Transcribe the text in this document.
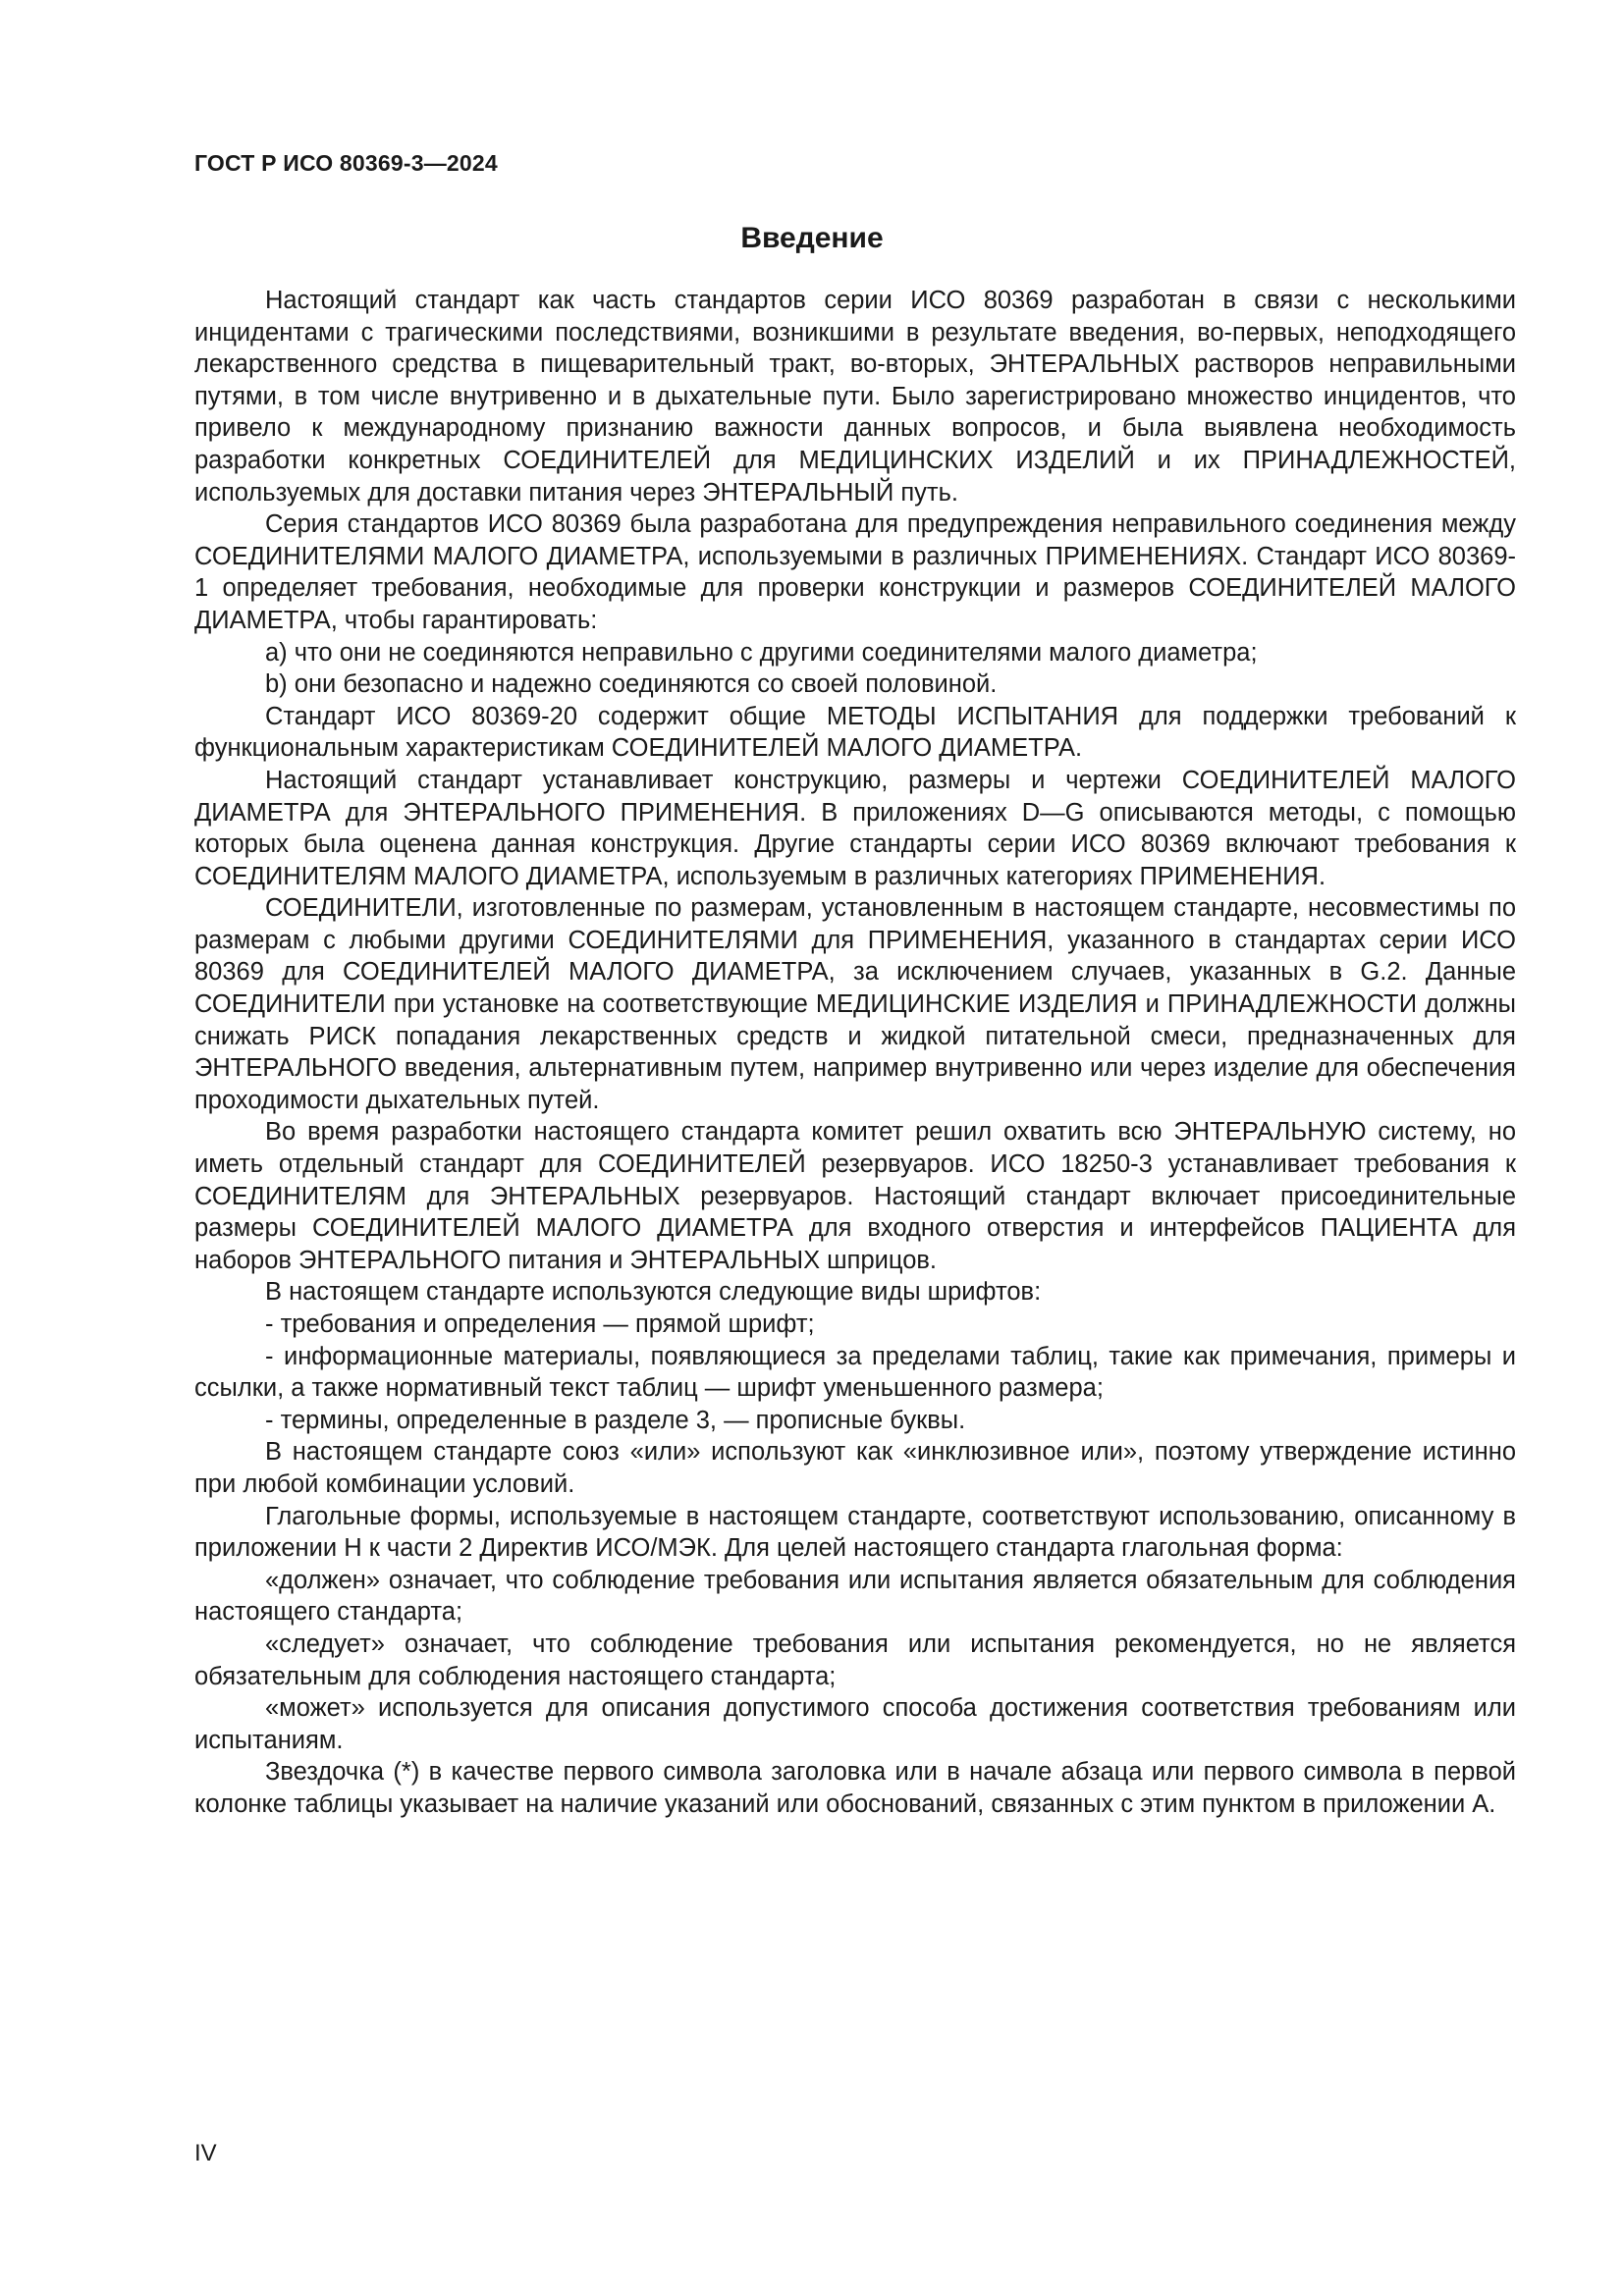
ГОСТ Р ИСО 80369-3—2024
Введение

Настоящий стандарт как часть стандартов серии ИСО 80369 разработан в связи с несколькими инцидентами с трагическими последствиями, возникшими в результате введения, во-первых, неподходящего лекарственного средства в пищеварительный тракт, во-вторых, ЭНТЕРАЛЬНЫХ растворов неправильными путями, в том числе внутривенно и в дыхательные пути. Было зарегистрировано множество инцидентов, что привело к международному признанию важности данных вопросов, и была выявлена необходимость разработки конкретных СОЕДИНИТЕЛЕЙ для МЕДИЦИНСКИХ ИЗДЕЛИЙ и их ПРИНАДЛЕЖНОСТЕЙ, используемых для доставки питания через ЭНТЕРАЛЬНЫЙ путь.

Серия стандартов ИСО 80369 была разработана для предупреждения неправильного соединения между СОЕДИНИТЕЛЯМИ МАЛОГО ДИАМЕТРА, используемыми в различных ПРИМЕНЕНИЯХ. Стандарт ИСО 80369-1 определяет требования, необходимые для проверки конструкции и размеров СОЕДИНИТЕЛЕЙ МАЛОГО ДИАМЕТРА, чтобы гарантировать:

a) что они не соединяются неправильно с другими соединителями малого диаметра;

b) они безопасно и надежно соединяются со своей половиной.

Стандарт ИСО 80369-20 содержит общие МЕТОДЫ ИСПЫТАНИЯ для поддержки требований к функциональным характеристикам СОЕДИНИТЕЛЕЙ МАЛОГО ДИАМЕТРА.

Настоящий стандарт устанавливает конструкцию, размеры и чертежи СОЕДИНИТЕЛЕЙ МАЛОГО ДИАМЕТРА для ЭНТЕРАЛЬНОГО ПРИМЕНЕНИЯ. В приложениях D—G описываются методы, с помощью которых была оценена данная конструкция. Другие стандарты серии ИСО 80369 включают требования к СОЕДИНИТЕЛЯМ МАЛОГО ДИАМЕТРА, используемым в различных категориях ПРИМЕНЕНИЯ.

СОЕДИНИТЕЛИ, изготовленные по размерам, установленным в настоящем стандарте, несовместимы по размерам с любыми другими СОЕДИНИТЕЛЯМИ для ПРИМЕНЕНИЯ, указанного в стандартах серии ИСО 80369 для СОЕДИНИТЕЛЕЙ МАЛОГО ДИАМЕТРА, за исключением случаев, указанных в G.2. Данные СОЕДИНИТЕЛИ при установке на соответствующие МЕДИЦИНСКИЕ ИЗДЕЛИЯ и ПРИНАДЛЕЖНОСТИ должны снижать РИСК попадания лекарственных средств и жидкой питательной смеси, предназначенных для ЭНТЕРАЛЬНОГО введения, альтернативным путем, например внутривенно или через изделие для обеспечения проходимости дыхательных путей.

Во время разработки настоящего стандарта комитет решил охватить всю ЭНТЕРАЛЬНУЮ систему, но иметь отдельный стандарт для СОЕДИНИТЕЛЕЙ резервуаров. ИСО 18250-3 устанавливает требования к СОЕДИНИТЕЛЯМ для ЭНТЕРАЛЬНЫХ резервуаров. Настоящий стандарт включает присоединительные размеры СОЕДИНИТЕЛЕЙ МАЛОГО ДИАМЕТРА для входного отверстия и интерфейсов ПАЦИЕНТА для наборов ЭНТЕРАЛЬНОГО питания и ЭНТЕРАЛЬНЫХ шприцов.

В настоящем стандарте используются следующие виды шрифтов:

- требования и определения — прямой шрифт;

- информационные материалы, появляющиеся за пределами таблиц, такие как примечания, примеры и ссылки, а также нормативный текст таблиц — шрифт уменьшенного размера;

- термины, определенные в разделе 3, — прописные буквы.

В настоящем стандарте союз «или» используют как «инклюзивное или», поэтому утверждение истинно при любой комбинации условий.

Глагольные формы, используемые в настоящем стандарте, соответствуют использованию, описанному в приложении Н к части 2 Директив ИСО/МЭК. Для целей настоящего стандарта глагольная форма:

«должен» означает, что соблюдение требования или испытания является обязательным для соблюдения настоящего стандарта;

«следует» означает, что соблюдение требования или испытания рекомендуется, но не является обязательным для соблюдения настоящего стандарта;

«может» используется для описания допустимого способа достижения соответствия требованиям или испытаниям.

Звездочка (*) в качестве первого символа заголовка или в начале абзаца или первого символа в первой колонке таблицы указывает на наличие указаний или обоснований, связанных с этим пунктом в приложении А.

IV
